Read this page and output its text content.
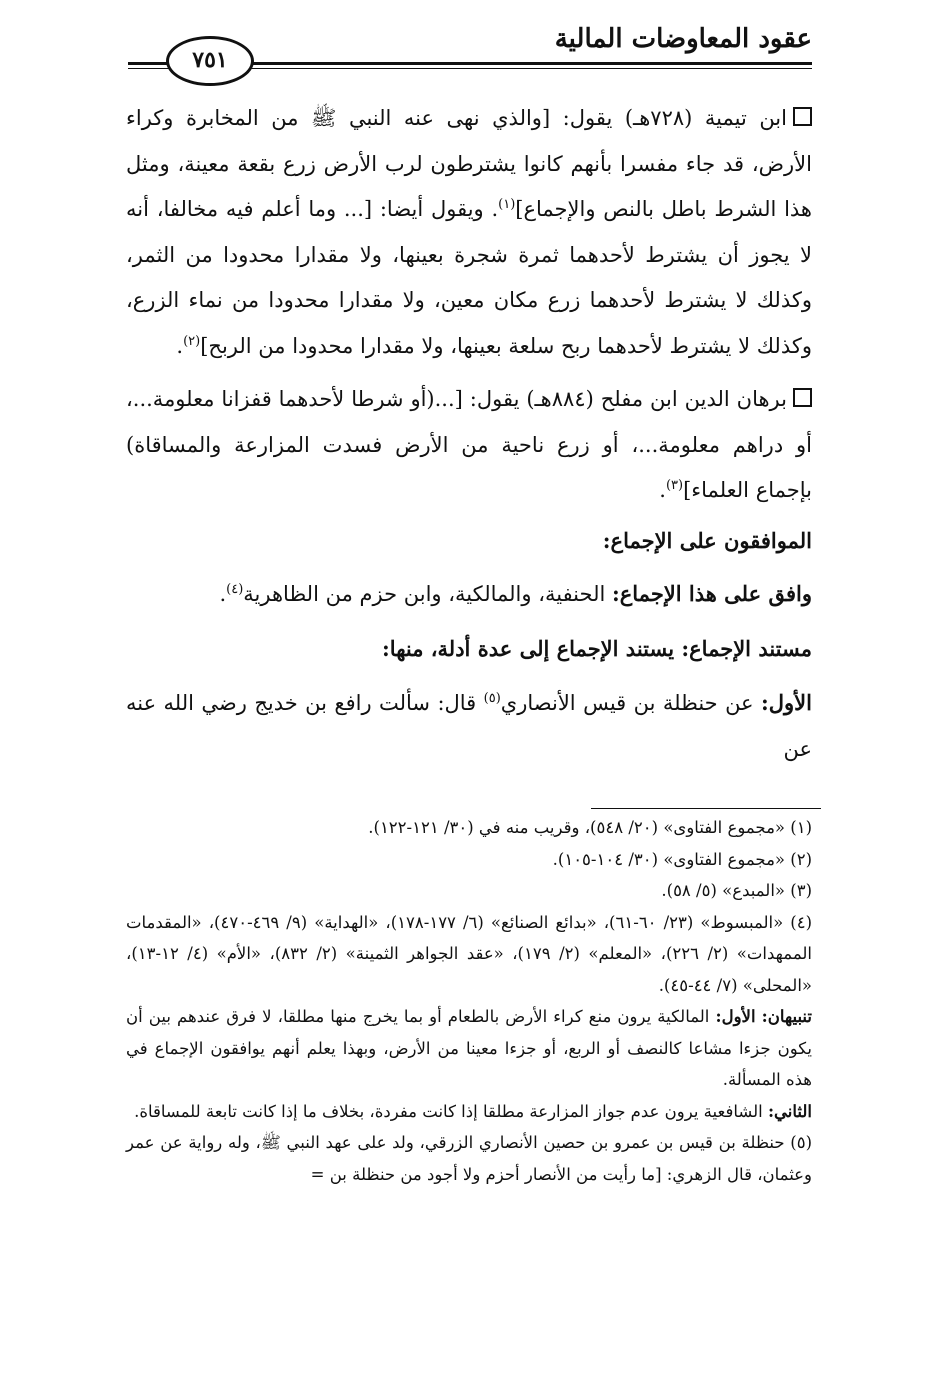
عقود المعاوضات المالية
٧٥١

ابن تيمية (٧٢٨هـ) يقول: [والذي نهى عنه النبي ﷺ من المخابرة وكراء الأرض، قد جاء مفسرا بأنهم كانوا يشترطون لرب الأرض زرع بقعة معينة، ومثل هذا الشرط باطل بالنص والإجماع]$^{(١)}$. ويقول أيضا: [... وما أعلم فيه مخالفا، أنه لا يجوز أن يشترط لأحدهما ثمرة شجرة بعينها، ولا مقدارا محدودا من الثمر، وكذلك لا يشترط لأحدهما زرع مكان معين، ولا مقدارا محدودا من نماء الزرع، وكذلك لا يشترط لأحدهما ربح سلعة بعينها، ولا مقدارا محدودا من الربح]$^{(٢)}$.

برهان الدين ابن مفلح (٨٨٤هـ) يقول: [...(أو شرطا لأحدهما قفزانا معلومة...، أو دراهم معلومة...، أو زرع ناحية من الأرض فسدت المزارعة والمساقاة) بإجماع العلماء]$^{(٣)}$.

الموافقون على الإجماع:

وافق على هذا الإجماع: الحنفية، والمالكية، وابن حزم من الظاهرية$^{(٤)}$.

مستند الإجماع: يستند الإجماع إلى عدة أدلة، منها:

الأول: عن حنظلة بن قيس الأنصاري$^{(٥)}$ قال: سألت رافع بن خديج رضي الله عنه عن

(١) «مجموع الفتاوى» (٢٠/ ٥٤٨)، وقريب منه في (٣٠/ ١٢١-١٢٢).

(٢) «مجموع الفتاوى» (٣٠/ ١٠٤-١٠٥).

(٣) «المبدع» (٥/ ٥٨).

(٤) «المبسوط» (٢٣/ ٦٠-٦١)، «بدائع الصنائع» (٦/ ١٧٧-١٧٨)، «الهداية» (٩/ ٤٦٩-٤٧٠)، «المقدمات الممهدات» (٢/ ٢٢٦)، «المعلم» (٢/ ١٧٩)، «عقد الجواهر الثمينة» (٢/ ٨٣٢)، «الأم» (٤/ ١٢-١٣)، «المحلى» (٧/ ٤٤-٤٥).

تنبيهان: الأول: المالكية يرون منع كراء الأرض بالطعام أو بما يخرج منها مطلقا، لا فرق عندهم بين أن يكون جزءا مشاعا كالنصف أو الربع، أو جزءا معينا من الأرض، وبهذا يعلم أنهم يوافقون الإجماع في هذه المسألة.

الثاني: الشافعية يرون عدم جواز المزارعة مطلقا إذا كانت مفردة، بخلاف ما إذا كانت تابعة للمساقاة.

(٥) حنظلة بن قيس بن عمرو بن حصين الأنصاري الزرقي، ولد على عهد النبي ﷺ، وله رواية عن عمر وعثمان، قال الزهري: [ما رأيت من الأنصار أحزم ولا أجود من حنظلة بن =
